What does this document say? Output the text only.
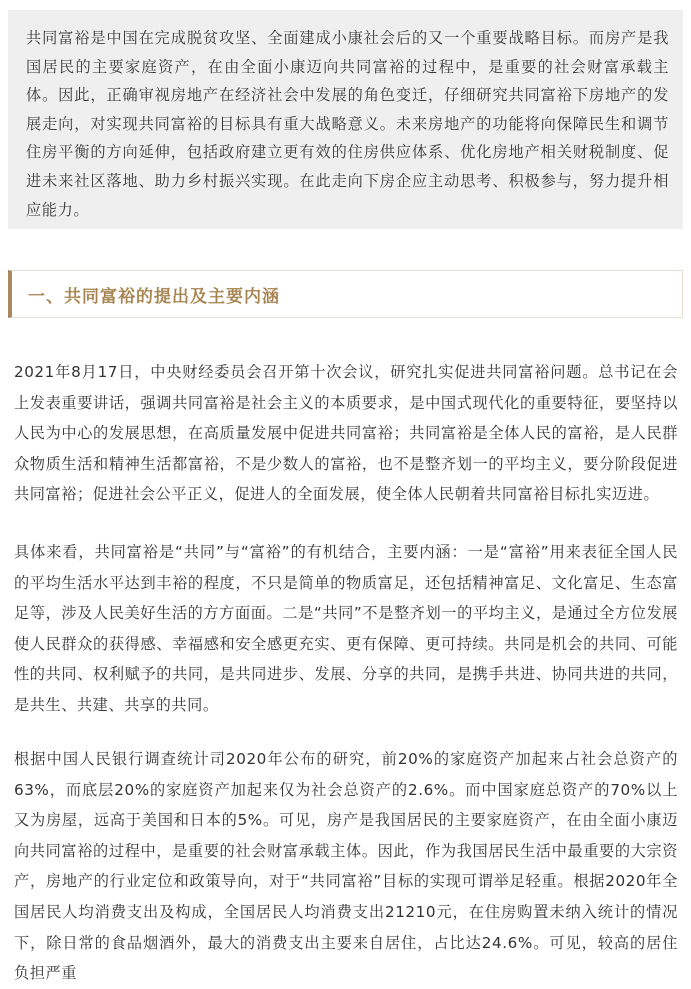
共同富裕是中国在完成脱贫攻坚、全面建成小康社会后的又一个重要战略目标。而房产是我国居民的主要家庭资产，在由全面小康迈向共同富裕的过程中，是重要的社会财富承载主体。因此，正确审视房地产在经济社会中发展的角色变迁，仔细研究共同富裕下房地产的发展走向，对实现共同富裕的目标具有重大战略意义。未来房地产的功能将向保障民生和调节住房平衡的方向延伸，包括政府建立更有效的住房供应体系、优化房地产相关财税制度、促进未来社区落地、助力乡村振兴实现。在此走向下房企应主动思考、积极参与，努力提升相应能力。

一、共同富裕的提出及主要内涵

2021年8月17日，中央财经委员会召开第十次会议，研究扎实促进共同富裕问题。总书记在会上发表重要讲话，强调共同富裕是社会主义的本质要求，是中国式现代化的重要特征，要坚持以人民为中心的发展思想，在高质量发展中促进共同富裕；共同富裕是全体人民的富裕，是人民群众物质生活和精神生活都富裕，不是少数人的富裕，也不是整齐划一的平均主义，要分阶段促进共同富裕；促进社会公平正义，促进人的全面发展，使全体人民朝着共同富裕目标扎实迈进。

具体来看，共同富裕是“共同”与“富裕”的有机结合，主要内涵：一是“富裕”用来表征全国人民的平均生活水平达到丰裕的程度，不只是简单的物质富足，还包括精神富足、文化富足、生态富足等，涉及人民美好生活的方方面面。二是“共同”不是整齐划一的平均主义，是通过全方位发展使人民群众的获得感、幸福感和安全感更充实、更有保障、更可持续。共同是机会的共同、可能性的共同、权利赋予的共同，是共同进步、发展、分享的共同，是携手共进、协同共进的共同，是共生、共建、共享的共同。

根据中国人民银行调查统计司2020年公布的研究，前20%的家庭资产加起来占社会总资产的63%，而底层20%的家庭资产加起来仅为社会总资产的2.6%。而中国家庭总资产的70%以上又为房屋，远高于美国和日本的5%。可见，房产是我国居民的主要家庭资产，在由全面小康迈向共同富裕的过程中，是重要的社会财富承载主体。因此，作为我国居民生活中最重要的大宗资产，房地产的行业定位和政策导向，对于“共同富裕”目标的实现可谓举足轻重。根据2020年全国居民人均消费支出及构成，全国居民人均消费支出21210元，在住房购置未纳入统计的情况下，除日常的食品烟酒外，最大的消费支出主要来自居住，占比达24.6%。可见，较高的居住负担严重
